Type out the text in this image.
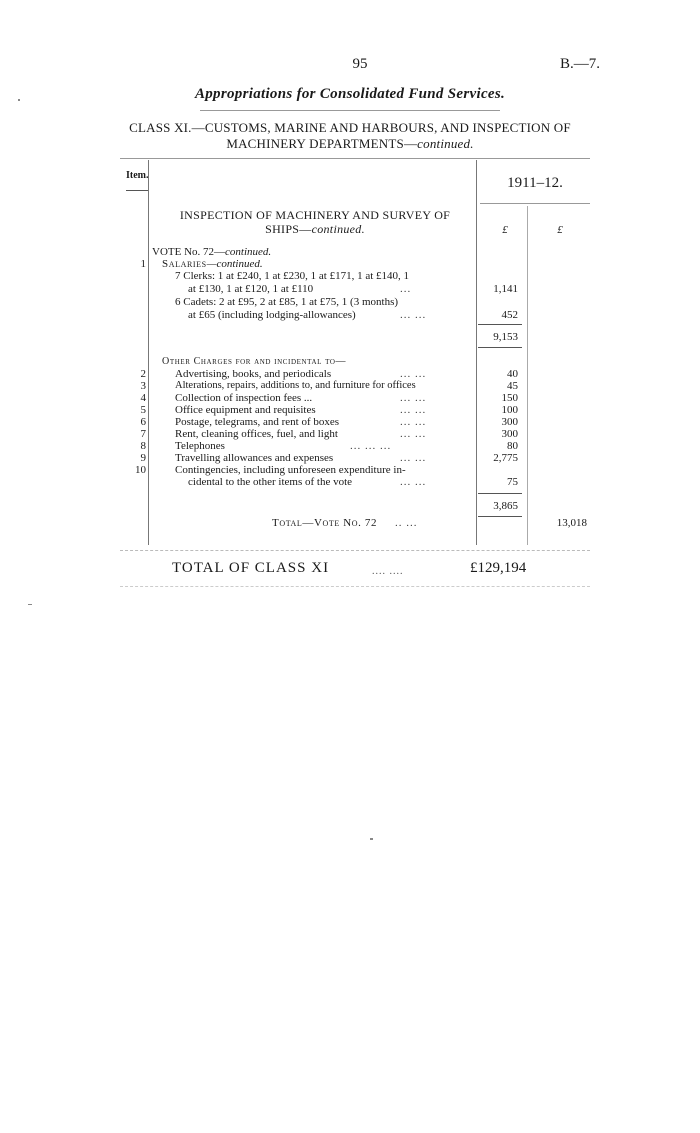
95	B.—7.
Appropriations for Consolidated Fund Services.
CLASS XI.—CUSTOMS, MARINE AND HARBOURS, AND INSPECTION OF
MACHINERY DEPARTMENTS—continued.
Item.	1911–12.
INSPECTION OF MACHINERY AND SURVEY OF
SHIPS—continued.	£	£
VOTE No. 72—continued.
1 Salaries—continued.
7 Clerks: 1 at £240, 1 at £230, 1 at £171, 1 at £140, 1
at £130, 1 at £120, 1 at £110	...	1,141
6 Cadets: 2 at £95, 2 at £85, 1 at £75, 1 (3 months)
at £65 (including lodging-allowances)	... ...	452
9,153
Other Charges for and incidental to—
2	Advertising, books, and periodicals	... ...	40
3	Alterations, repairs, additions to, and furniture for offices	45
4	Collection of inspection fees ...	... ...	150
5	Office equipment and requisites	... ...	100
6	Postage, telegrams, and rent of boxes	... ...	300
7	Rent, cleaning offices, fuel, and light	... ...	300
8	Telephones	... ... ...	80
9	Travelling allowances and expenses	... ...	2,775
10	Contingencies, including unforeseen expenditure in-
cidental to the other items of the vote	... ...	75
3,865
Total—Vote No. 72 .. ...	13,018
TOTAL OF CLASS XI	.... ....	£129,194
